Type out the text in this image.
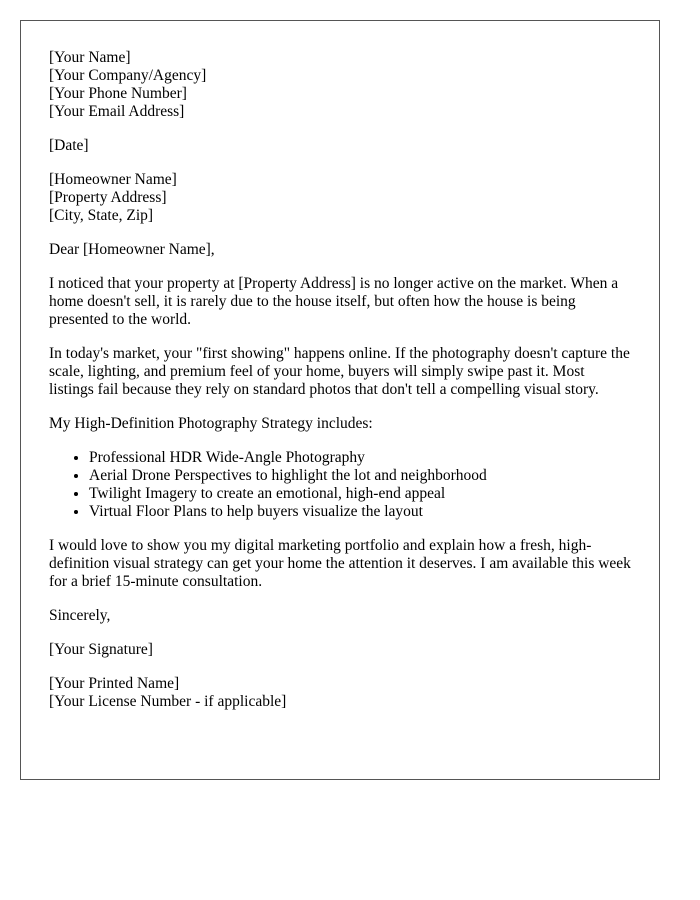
[Your Name]
[Your Company/Agency]
[Your Phone Number]
[Your Email Address]
[Date]
[Homeowner Name]
[Property Address]
[City, State, Zip]

Dear [Homeowner Name],

I noticed that your property at [Property Address] is no longer active on the market. When a home doesn't sell, it is rarely due to the house itself, but often how the house is being presented to the world.

In today's market, your "first showing" happens online. If the photography doesn't capture the scale, lighting, and premium feel of your home, buyers will simply swipe past it. Most listings fail because they rely on standard photos that don't tell a compelling visual story.

My High-Definition Photography Strategy includes:

• Professional HDR Wide-Angle Photography
• Aerial Drone Perspectives to highlight the lot and neighborhood
• Twilight Imagery to create an emotional, high-end appeal
• Virtual Floor Plans to help buyers visualize the layout

I would love to show you my digital marketing portfolio and explain how a fresh, high-definition visual strategy can get your home the attention it deserves. I am available this week for a brief 15-minute consultation.

Sincerely,

[Your Signature]

[Your Printed Name]
[Your License Number - if applicable]
